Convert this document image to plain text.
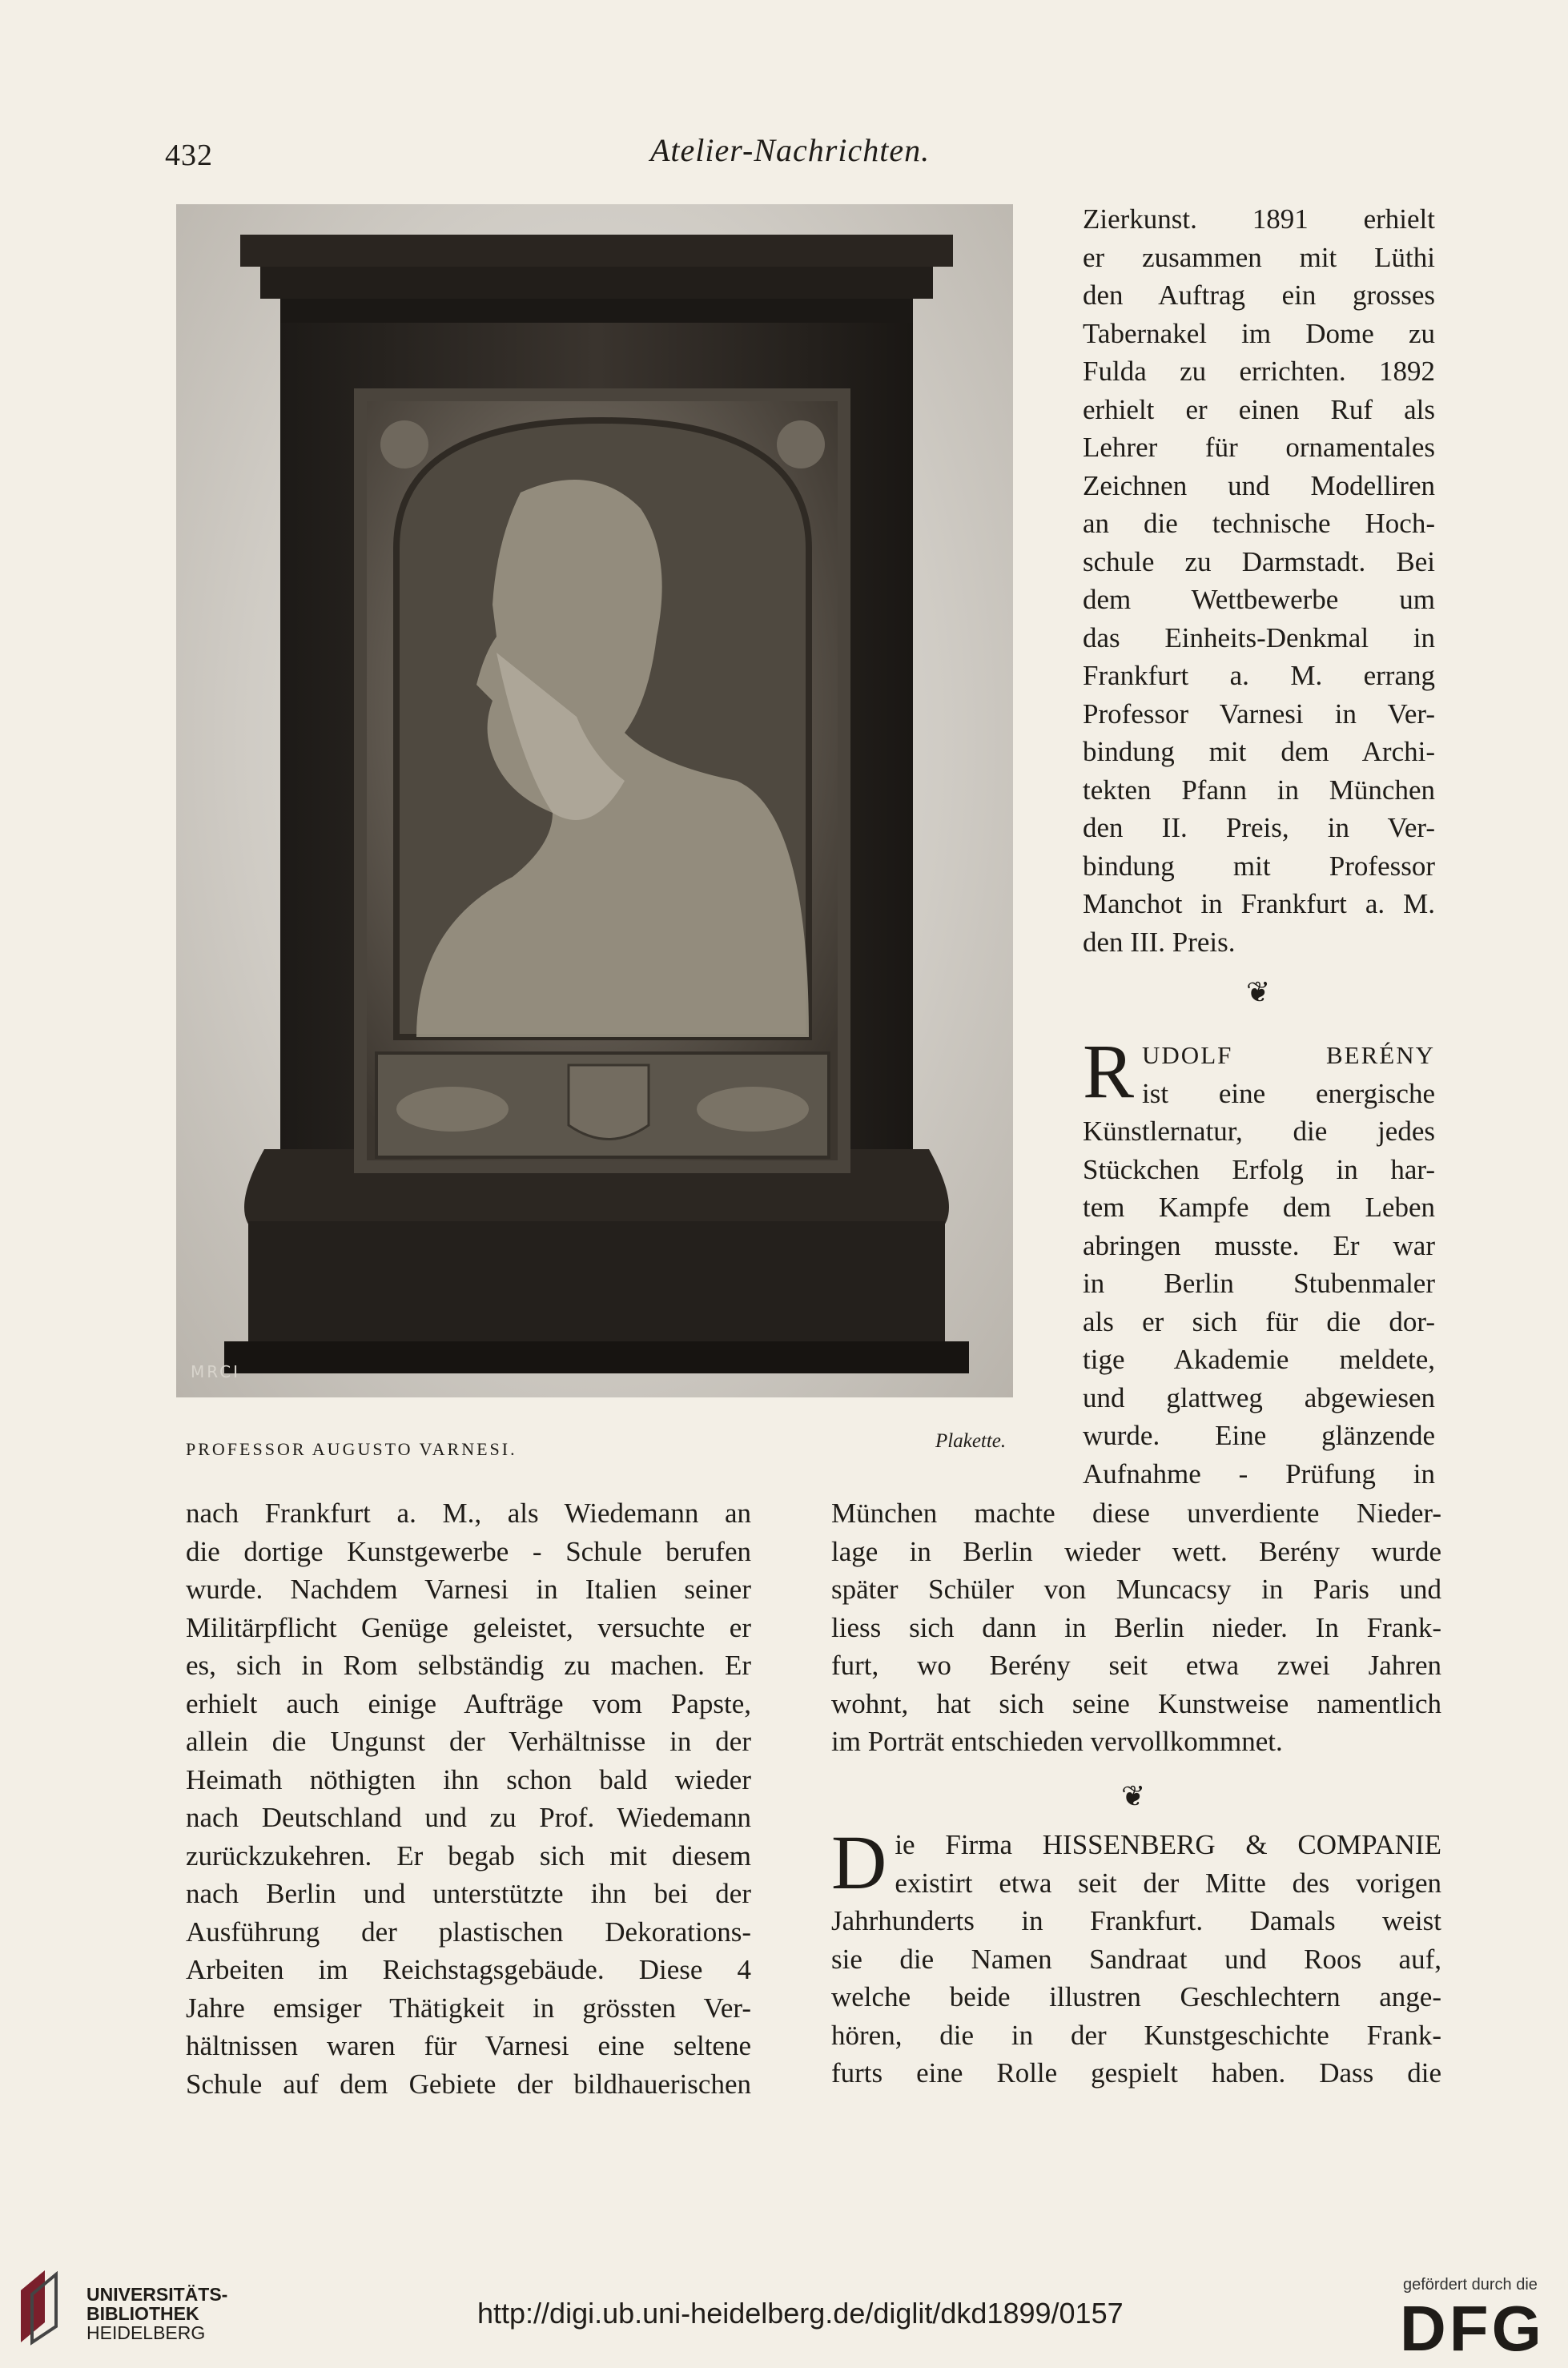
432	Atelier-Nachrichten.
MRCI
PROFESSOR AUGUSTO VARNESI.	Plakette.
Zierkunst. 1891 erhielt
er zusammen mit Lüthi
den Auftrag ein grosses
Tabernakel im Dome zu
Fulda zu errichten. 1892
erhielt er einen Ruf als
Lehrer für ornamentales
Zeichnen und Modelliren
an die technische Hoch-
schule zu Darmstadt. Bei
dem Wettbewerbe um
das Einheits-Denkmal in
Frankfurt a. M. errang
Professor Varnesi in Ver-
bindung mit dem Archi-
tekten Pfann in München
den II. Preis, in Ver-
bindung mit Professor
Manchot in Frankfurt a. M.
den III. Preis.
❦
R UDOLF BERÉNY
ist eine energische
Künstlernatur, die jedes
Stückchen Erfolg in har-
tem Kampfe dem Leben
abringen musste. Er war
in Berlin Stubenmaler
als er sich für die dor-
tige Akademie meldete,
und glattweg abgewiesen
wurde. Eine glänzende
Aufnahme - Prüfung in
nach Frankfurt a. M., als Wiedemann an
die dortige Kunstgewerbe - Schule berufen
wurde. Nachdem Varnesi in Italien seiner
Militärpflicht Genüge geleistet, versuchte er
es, sich in Rom selbständig zu machen. Er
erhielt auch einige Aufträge vom Papste,
allein die Ungunst der Verhältnisse in der
Heimath nöthigten ihn schon bald wieder
nach Deutschland und zu Prof. Wiedemann
zurückzukehren. Er begab sich mit diesem
nach Berlin und unterstützte ihn bei der
Ausführung der plastischen Dekorations-
Arbeiten im Reichstagsgebäude. Diese 4
Jahre emsiger Thätigkeit in grössten Ver-
hältnissen waren für Varnesi eine seltene
Schule auf dem Gebiete der bildhauerischen
München machte diese unverdiente Nieder-
lage in Berlin wieder wett. Berény wurde
später Schüler von Muncacsy in Paris und
liess sich dann in Berlin nieder. In Frank-
furt, wo Berény seit etwa zwei Jahren
wohnt, hat sich seine Kunstweise namentlich
im Porträt entschieden vervollkommnet.
❦
D ie Firma HISSENBERG & COMPANIE
existirt etwa seit der Mitte des vorigen
Jahrhunderts in Frankfurt. Damals weist
sie die Namen Sandraat und Roos auf,
welche beide illustren Geschlechtern ange-
hören, die in der Kunstgeschichte Frank-
furts eine Rolle gespielt haben. Dass die
UNIVERSITÄTS-
BIBLIOTHEK
HEIDELBERG
http://digi.ub.uni-heidelberg.de/diglit/dkd1899/0157
gefördert durch die
DFG
